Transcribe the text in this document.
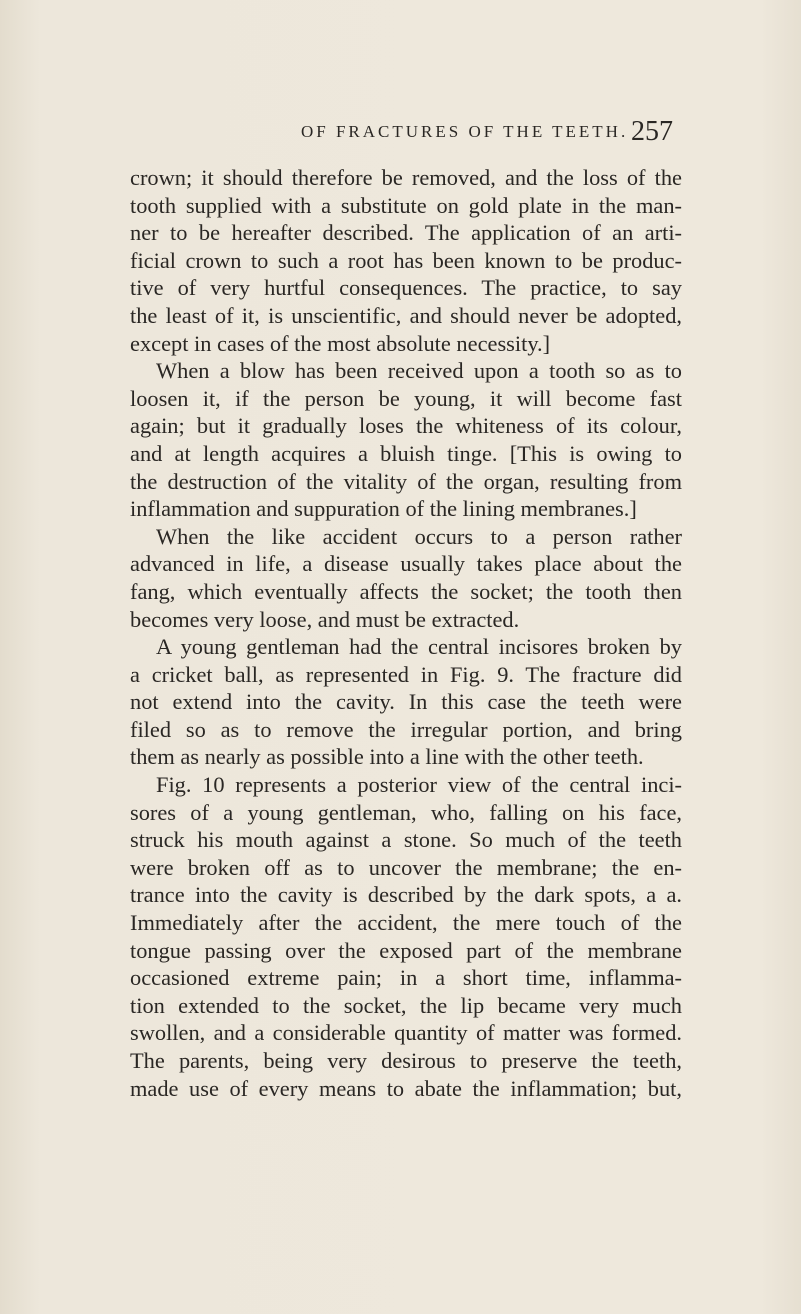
OF FRACTURES OF THE TEETH. 257
crown; it should therefore be removed, and the loss of the
tooth supplied with a substitute on gold plate in the man-
ner to be hereafter described. The application of an arti-
ficial crown to such a root has been known to be produc-
tive of very hurtful consequences. The practice, to say
the least of it, is unscientific, and should never be adopted,
except in cases of the most absolute necessity.]
When a blow has been received upon a tooth so as to
loosen it, if the person be young, it will become fast
again; but it gradually loses the whiteness of its colour,
and at length acquires a bluish tinge. [This is owing to
the destruction of the vitality of the organ, resulting from
inflammation and suppuration of the lining membranes.]
When the like accident occurs to a person rather
advanced in life, a disease usually takes place about the
fang, which eventually affects the socket; the tooth then
becomes very loose, and must be extracted.
A young gentleman had the central incisores broken by
a cricket ball, as represented in Fig. 9. The fracture did
not extend into the cavity. In this case the teeth were
filed so as to remove the irregular portion, and bring
them as nearly as possible into a line with the other teeth.
Fig. 10 represents a posterior view of the central inci-
sores of a young gentleman, who, falling on his face,
struck his mouth against a stone. So much of the teeth
were broken off as to uncover the membrane; the en-
trance into the cavity is described by the dark spots, a a.
Immediately after the accident, the mere touch of the
tongue passing over the exposed part of the membrane
occasioned extreme pain; in a short time, inflamma-
tion extended to the socket, the lip became very much
swollen, and a considerable quantity of matter was formed.
The parents, being very desirous to preserve the teeth,
made use of every means to abate the inflammation; but,
